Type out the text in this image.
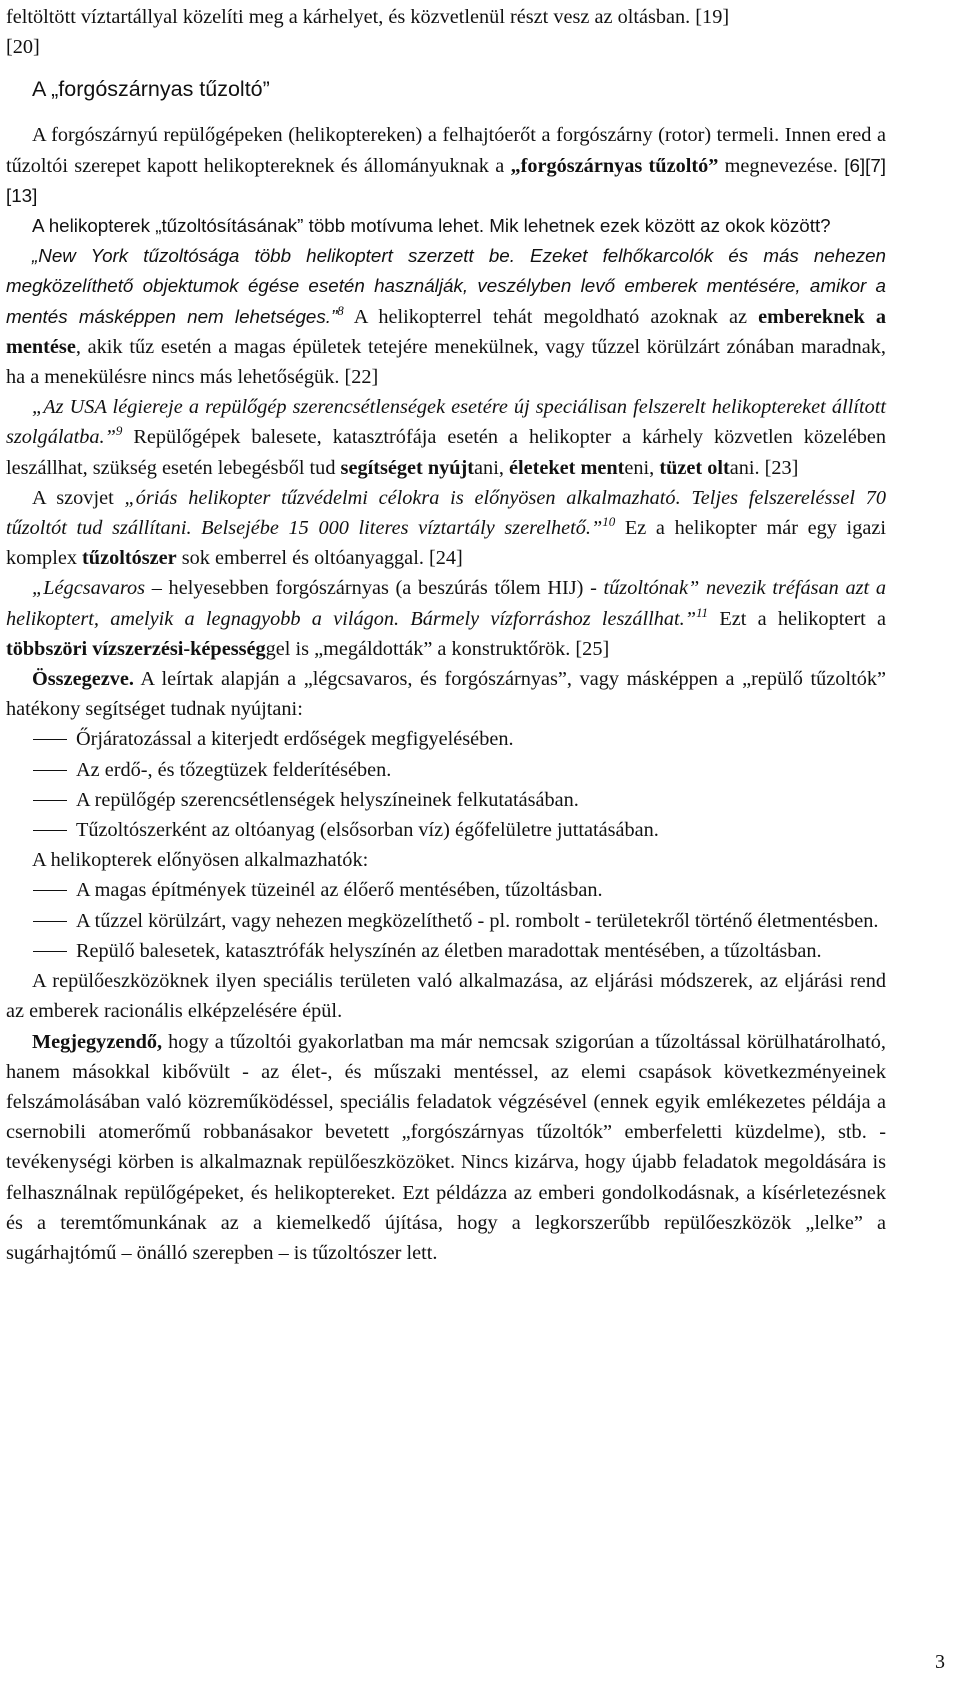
feltöltött víztartállyal közelíti meg a kárhelyet, és közvetlenül részt vesz az oltásban. [19]
[20]

A „forgószárnyas tűzoltó”

A forgószárnyú repülőgépeken (helikoptereken) a felhajtóerőt a forgószárny (rotor) termeli. Innen ered a tűzoltói szerepet kapott helikoptereknek és állományuknak a „forgószárnyas tűzoltó” megnevezése. [6][7][13]

A helikopterek „tűzoltósításának” több motívuma lehet. Mik lehetnek ezek között az okok között?

„New York tűzoltósága több helikoptert szerzett be. Ezeket felhőkarcolók és más nehezen megközelíthető objektumok égése esetén használják, veszélyben levő emberek mentésére, amikor a mentés másképpen nem lehetséges.”$^8$ A helikopterrel tehát megoldható azoknak az embereknek a mentése, akik tűz esetén a magas épületek tetejére menekülnek, vagy tűzzel körülzárt zónában maradnak, ha a menekülésre nincs más lehetőségük. [22]

„Az USA légiereje a repülőgép szerencsétlenségek esetére új speciálisan felszerelt helikoptereket állított szolgálatba.”$^9$ Repülőgépek balesete, katasztrófája esetén a helikopter a kárhely közvetlen közelében leszállhat, szükség esetén lebegésből tud segítséget nyújtani, életeket menteni, tüzet oltani. [23]

A szovjet „óriás helikopter tűzvédelmi célokra is előnyösen alkalmazható. Teljes felszereléssel 70 tűzoltót tud szállítani. Belsejébe 15 000 literes víztartály szerelhető.”$^{10}$ Ez a helikopter már egy igazi komplex tűzoltószer sok emberrel és oltóanyaggal. [24]

„Légcsavaros – helyesebben forgószárnyas (a beszúrás tőlem HIJ) - tűzoltónak” nevezik tréfásan azt a helikoptert, amelyik a legnagyobb a világon. Bármely vízforráshoz leszállhat.”$^{11}$ Ezt a helikoptert a többszöri vízszerzési-képességgel is „megáldották” a konstruktőrök. [25]

Összegezve. A leírtak alapján a „légcsavaros, és forgószárnyas”, vagy másképpen a „repülő tűzoltók” hatékony segítséget tudnak nyújtani:

Őrjáratozással a kiterjedt erdőségek megfigyelésében.
Az erdő-, és tőzegtüzek felderítésében.
A repülőgép szerencsétlenségek helyszíneinek felkutatásában.
Tűzoltószerként az oltóanyag (elsősorban víz) égőfelületre juttatásában.

A helikopterek előnyösen alkalmazhatók:

A magas építmények tüzeinél az élőerő mentésében, tűzoltásban.
A tűzzel körülzárt, vagy nehezen megközelíthető - pl. rombolt - területekről történő életmentésben.
Repülő balesetek, katasztrófák helyszínén az életben maradottak mentésében, a tűzoltásban.

A repülőeszközöknek ilyen speciális területen való alkalmazása, az eljárási módszerek, az eljárási rend az emberek racionális elképzelésére épül.

Megjegyzendő, hogy a tűzoltói gyakorlatban ma már nemcsak szigorúan a tűzoltással körülhatárolható, hanem másokkal kibővült - az élet-, és műszaki mentéssel, az elemi csapások következményeinek felszámolásában való közreműködéssel, speciális feladatok végzésével (ennek egyik emlékezetes példája a csernobili atomerőmű robbanásakor bevetett „forgószárnyas tűzoltók” emberfeletti küzdelme), stb. - tevékenységi körben is alkalmaznak repülőeszközöket. Nincs kizárva, hogy újabb feladatok megoldására is felhasználnak repülőgépeket, és helikoptereket. Ezt példázza az emberi gondolkodásnak, a kísérletezésnek és a teremtőmunkának az a kiemelkedő újítása, hogy a legkorszerűbb repülőeszközök „lelke” a sugárhajtómű – önálló szerepben – is tűzoltószer lett.

3
